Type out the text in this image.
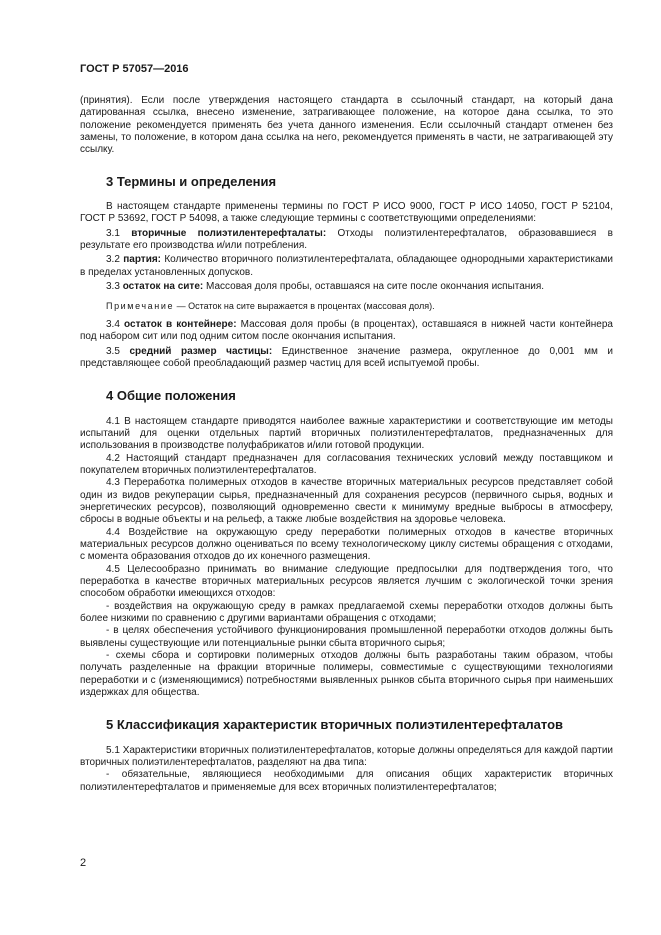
ГОСТ Р 57057—2016

(принятия). Если после утверждения настоящего стандарта в ссылочный стандарт, на который дана датированная ссылка, внесено изменение, затрагивающее положение, на которое дана ссылка, то это положение рекомендуется применять без учета данного изменения. Если ссылочный стандарт отменен без замены, то положение, в котором дана ссылка на него, рекомендуется применять в части, не затрагивающей эту ссылку.

3 Термины и определения

В настоящем стандарте применены термины по ГОСТ Р ИСО 9000, ГОСТ Р ИСО 14050, ГОСТ Р 52104, ГОСТ Р 53692, ГОСТ Р 54098, а также следующие термины с соответствующими определениями:

3.1 вторичные полиэтилентерефталаты: Отходы полиэтилентерефталатов, образовавшиеся в результате его производства и/или потребления.

3.2 партия: Количество вторичного полиэтилентерефталата, обладающее однородными характеристиками в пределах установленных допусков.

3.3 остаток на сите: Массовая доля пробы, оставшаяся на сите после окончания испытания.

Примечание — Остаток на сите выражается в процентах (массовая доля).

3.4 остаток в контейнере: Массовая доля пробы (в процентах), оставшаяся в нижней части контейнера под набором сит или под одним ситом после окончания испытания.

3.5 средний размер частицы: Единственное значение размера, округленное до 0,001 мм и представляющее собой преобладающий размер частиц для всей испытуемой пробы.

4 Общие положения

4.1 В настоящем стандарте приводятся наиболее важные характеристики и соответствующие им методы испытаний для оценки отдельных партий вторичных полиэтилентерефталатов, предназначенных для использования в производстве полуфабрикатов и/или готовой продукции.

4.2 Настоящий стандарт предназначен для согласования технических условий между поставщиком и покупателем вторичных полиэтилентерефталатов.

4.3 Переработка полимерных отходов в качестве вторичных материальных ресурсов представляет собой один из видов рекуперации сырья, предназначенный для сохранения ресурсов (первичного сырья, водных и энергетических ресурсов), позволяющий одновременно свести к минимуму вредные выбросы в атмосферу, сбросы в водные объекты и на рельеф, а также любые воздействия на здоровье человека.

4.4 Воздействие на окружающую среду переработки полимерных отходов в качестве вторичных материальных ресурсов должно оцениваться по всему технологическому циклу системы обращения с отходами, с момента образования отходов до их конечного размещения.

4.5 Целесообразно принимать во внимание следующие предпосылки для подтверждения того, что переработка в качестве вторичных материальных ресурсов является лучшим с экологической точки зрения способом обработки имеющихся отходов:

- воздействия на окружающую среду в рамках предлагаемой схемы переработки отходов должны быть более низкими по сравнению с другими вариантами обращения с отходами;

- в целях обеспечения устойчивого функционирования промышленной переработки отходов должны быть выявлены существующие или потенциальные рынки сбыта вторичного сырья;

- схемы сбора и сортировки полимерных отходов должны быть разработаны таким образом, чтобы получать разделенные на фракции вторичные полимеры, совместимые с существующими технологиями переработки и с (изменяющимися) потребностями выявленных рынков сбыта вторичного сырья при наименьших издержках для общества.

5 Классификация характеристик вторичных полиэтилентерефталатов

5.1 Характеристики вторичных полиэтилентерефталатов, которые должны определяться для каждой партии вторичных полиэтилентерефталатов, разделяют на два типа:

- обязательные, являющиеся необходимыми для описания общих характеристик вторичных полиэтилентерефталатов и применяемые для всех вторичных полиэтилентерефталатов;

2
